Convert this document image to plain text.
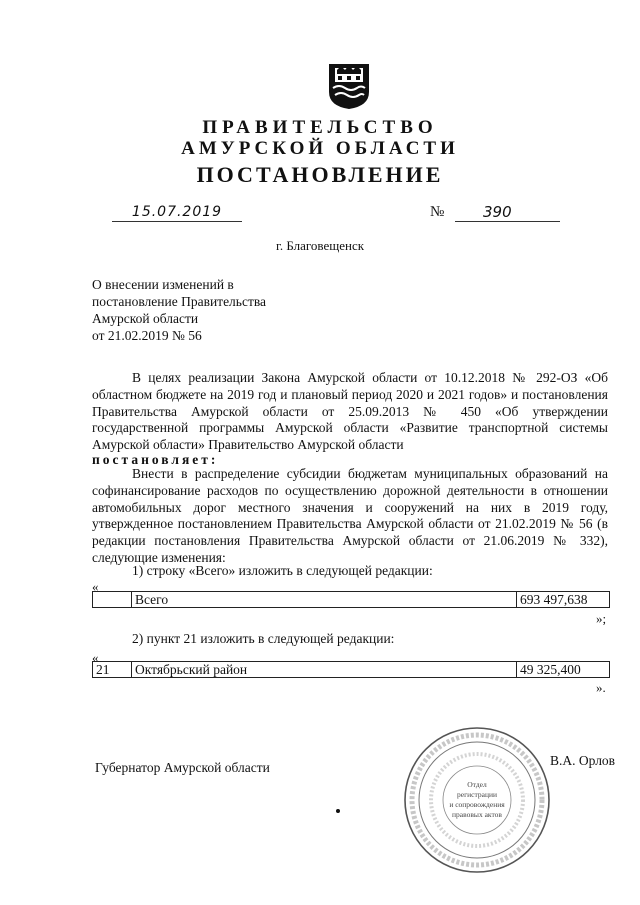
ПРАВИТЕЛЬСТВО
АМУРСКОЙ ОБЛАСТИ
ПОСТАНОВЛЕНИЕ
15.07.2019	№	390
г. Благовещенск
О внесении изменений в
постановление Правительства
Амурской области
от 21.02.2019 № 56
В целях реализации Закона Амурской области от 10.12.2018 № 292-ОЗ «Об областном бюджете на 2019 год и плановый период 2020 и 2021 годов» и постановления Правительства Амурской области от 25.09.2013 № 450 «Об утверждении государственной программы Амурской области «Развитие транспортной системы Амурской области» Правительство Амурской области
постановляет:
Внести в распределение субсидии бюджетам муниципальных образований на софинансирование расходов по осуществлению дорожной деятельности в отношении автомобильных дорог местного значения и сооружений на них в 2019 году, утвержденное постановлением Правительства Амурской области от 21.02.2019 № 56 (в редакции постановления Правительства Амурской области от 21.06.2019 № 332), следующие изменения:
1) строку «Всего» изложить в следующей редакции:
«
	Всего	693 497,638
»;
2) пункт 21 изложить в следующей редакции:
«
21	Октябрьский район	49 325,400
».
Губернатор Амурской области	В.А. Орлов
Отдел
регистрации
и сопровождения
правовых актов
